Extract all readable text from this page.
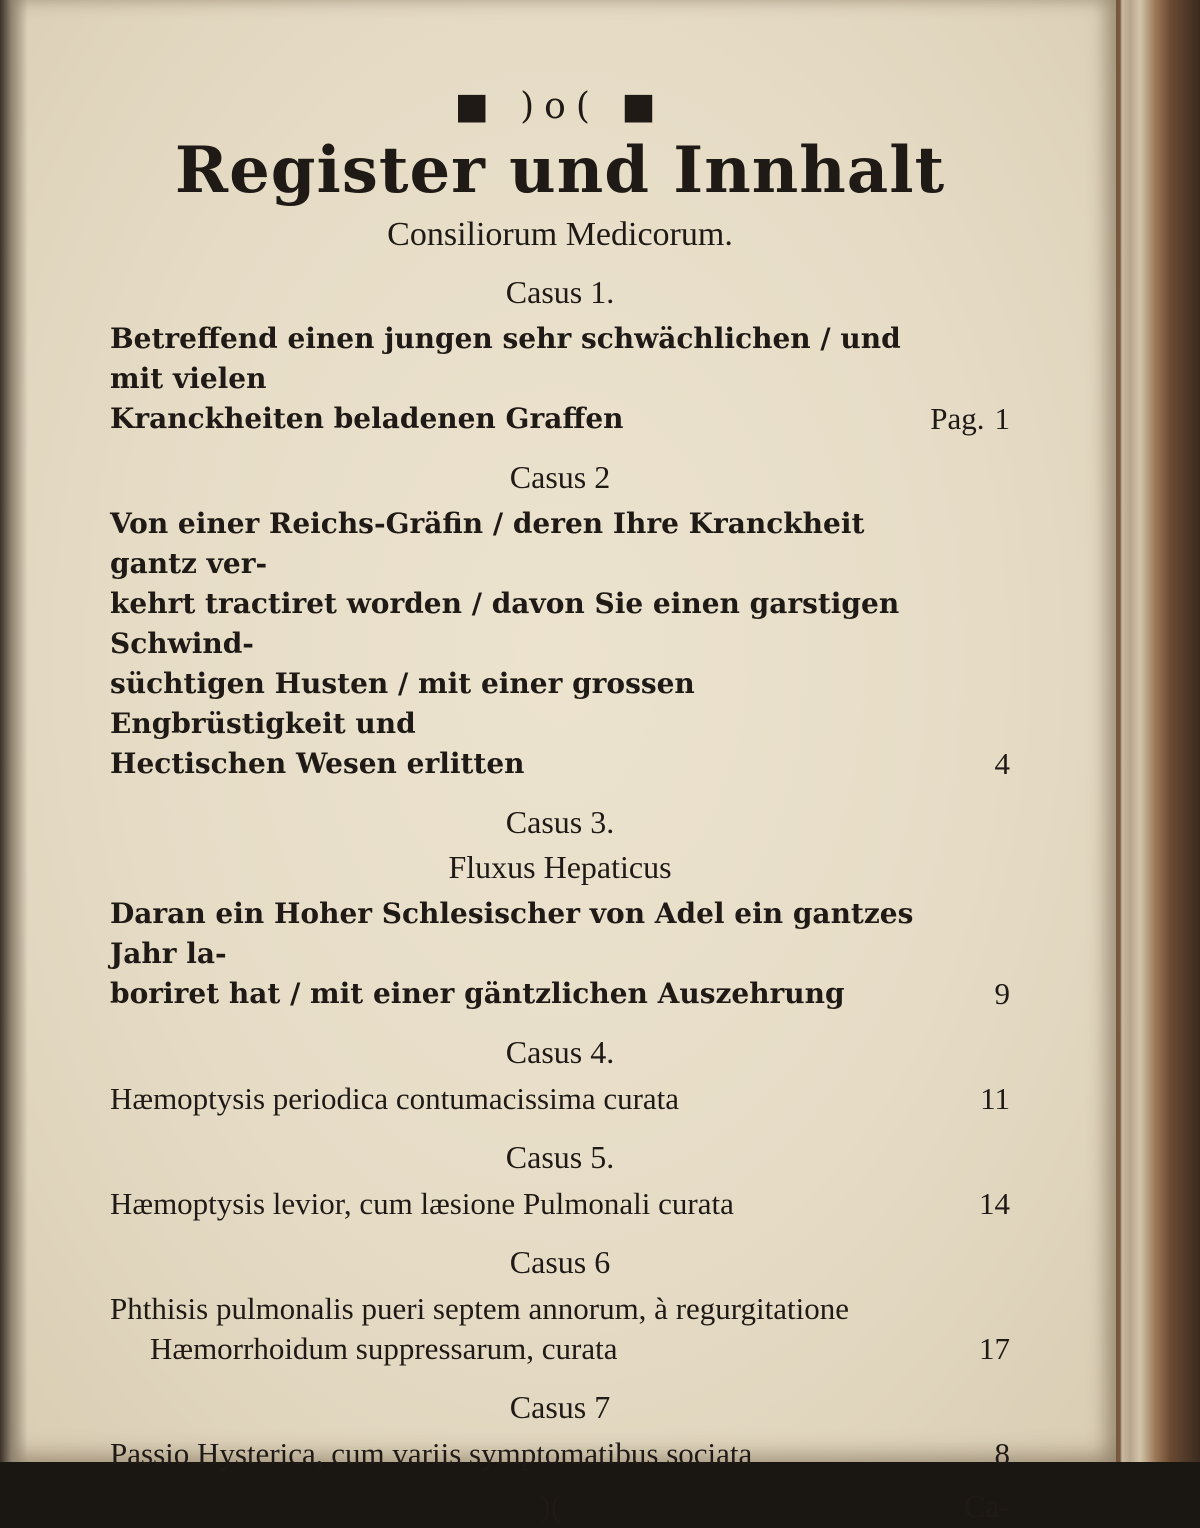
■ )o( ■
Register und Innhalt
Consiliorum Medicorum.
Casus 1.
Betreffend einen jungen sehr schwächlichen / und mit vielen
Kranckheiten beladenen Graffen	Pag. 1
Casus 2
Von einer Reichs-Gräfin / deren Ihre Kranckheit gantz ver-
kehrt tractiret worden / davon Sie einen garstigen Schwind-
süchtigen Husten / mit einer grossen Engbrüstigkeit und
Hectischen Wesen erlitten	4
Casus 3.
Fluxus Hepaticus
Daran ein Hoher Schlesischer von Adel ein gantzes Jahr la-
boriret hat / mit einer gäntzlichen Auszehrung	9
Casus 4.
Hæmoptysis periodica contumacissima curata	11
Casus 5.
Hæmoptysis levior, cum læsione Pulmonali curata	14
Casus 6
Phthisis pulmonalis pueri septem annorum, à regurgitatione
Hæmorrhoidum suppressarum, curata	17
Casus 7
Passio Hysterica, cum variis symptomatibus sociata	8
)(	Ca-
